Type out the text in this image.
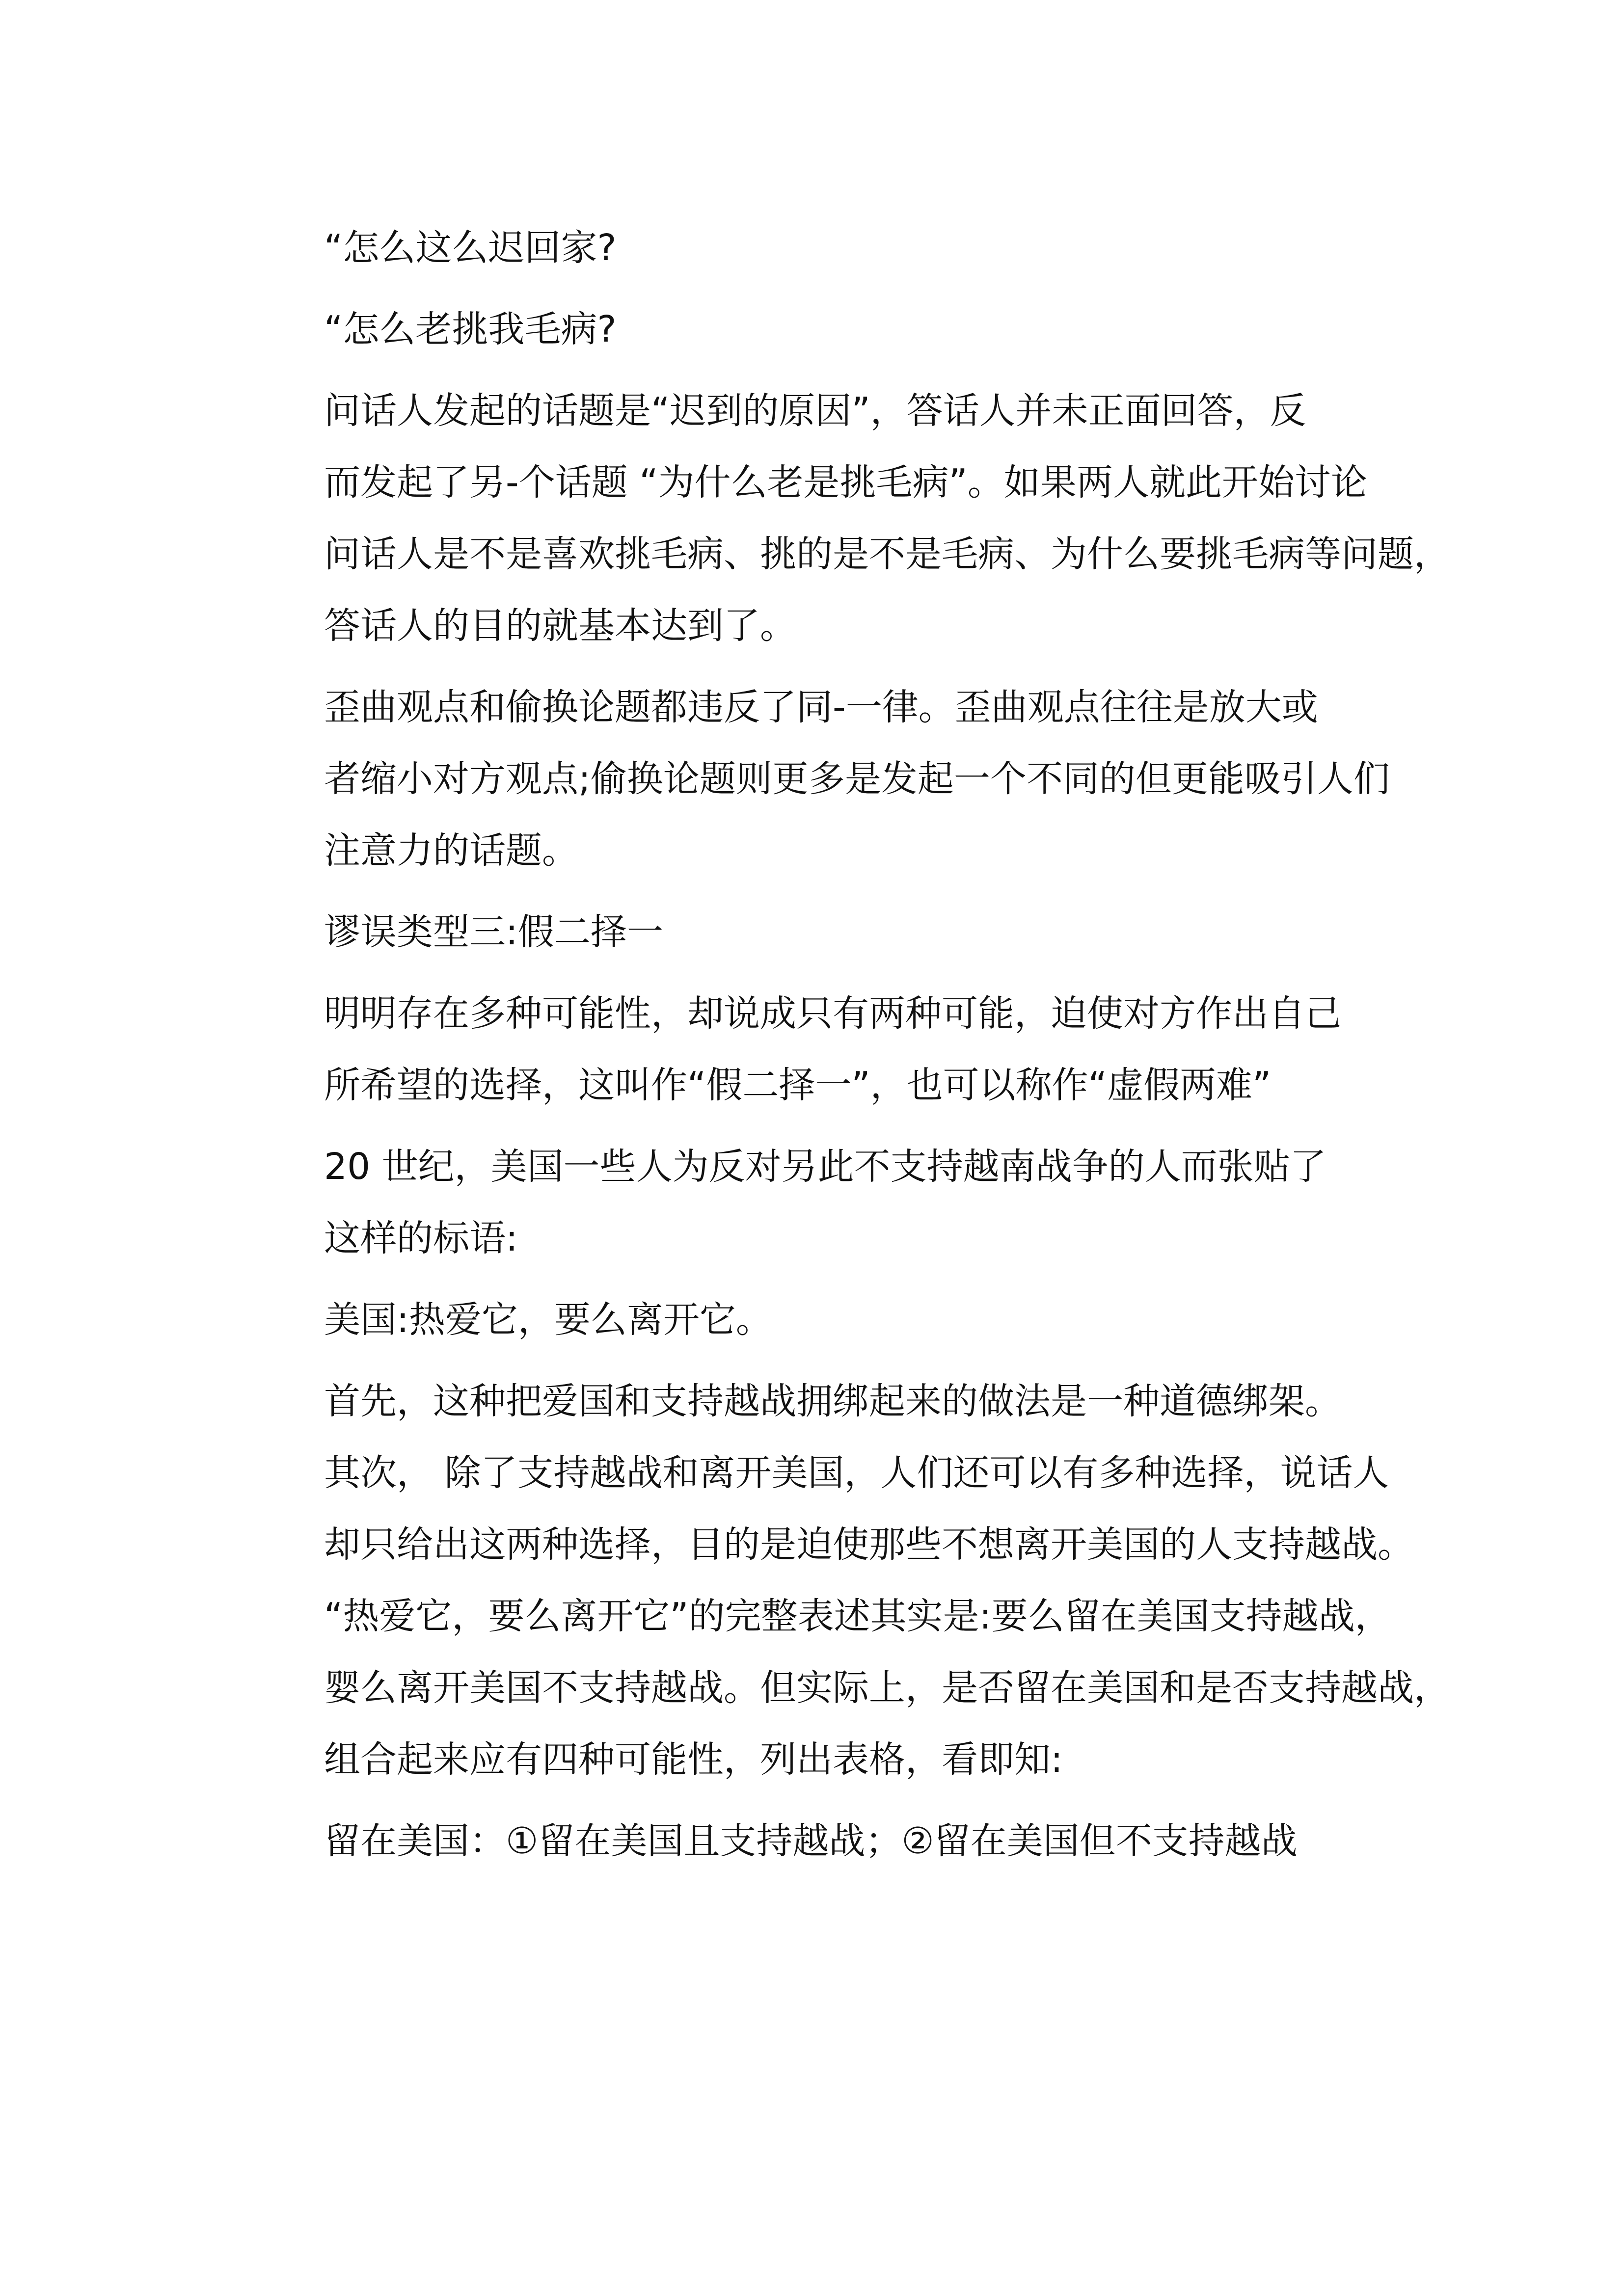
“怎么这么迟回家?

“怎么老挑我毛病?

问话人发起的话题是“迟到的原因”，答话人并未正面回答，反
而发起了另-个话题 “为什么老是挑毛病”。如果两人就此开始讨论
问话人是不是喜欢挑毛病、挑的是不是毛病、为什么要挑毛病等问题，
答话人的目的就基本达到了。

歪曲观点和偷换论题都违反了同-一律。歪曲观点往往是放大或
者缩小对方观点;偷换论题则更多是发起一个不同的但更能吸引人们
注意力的话题。

谬误类型三:假二择一

明明存在多种可能性，却说成只有两种可能，迫使对方作出自己
所希望的选择，这叫作“假二择一”，也可以称作“虚假两难”

20 世纪，美国一些人为反对另此不支持越南战争的人而张贴了
这样的标语:

美国:热爱它，要么离开它。

首先，这种把爱国和支持越战拥绑起来的做法是一种道德绑架。
其次， 除了支持越战和离开美国，人们还可以有多种选择，说话人
却只给出这两种选择，目的是迫使那些不想离开美国的人支持越战。
“热爱它，要么离开它”的完整表述其实是:要么留在美国支持越战，
婴么离开美国不支持越战。但实际上，是否留在美国和是否支持越战，
组合起来应有四种可能性，列出表格，看即知:

留在美国：①留在美国且支持越战；②留在美国但不支持越战
